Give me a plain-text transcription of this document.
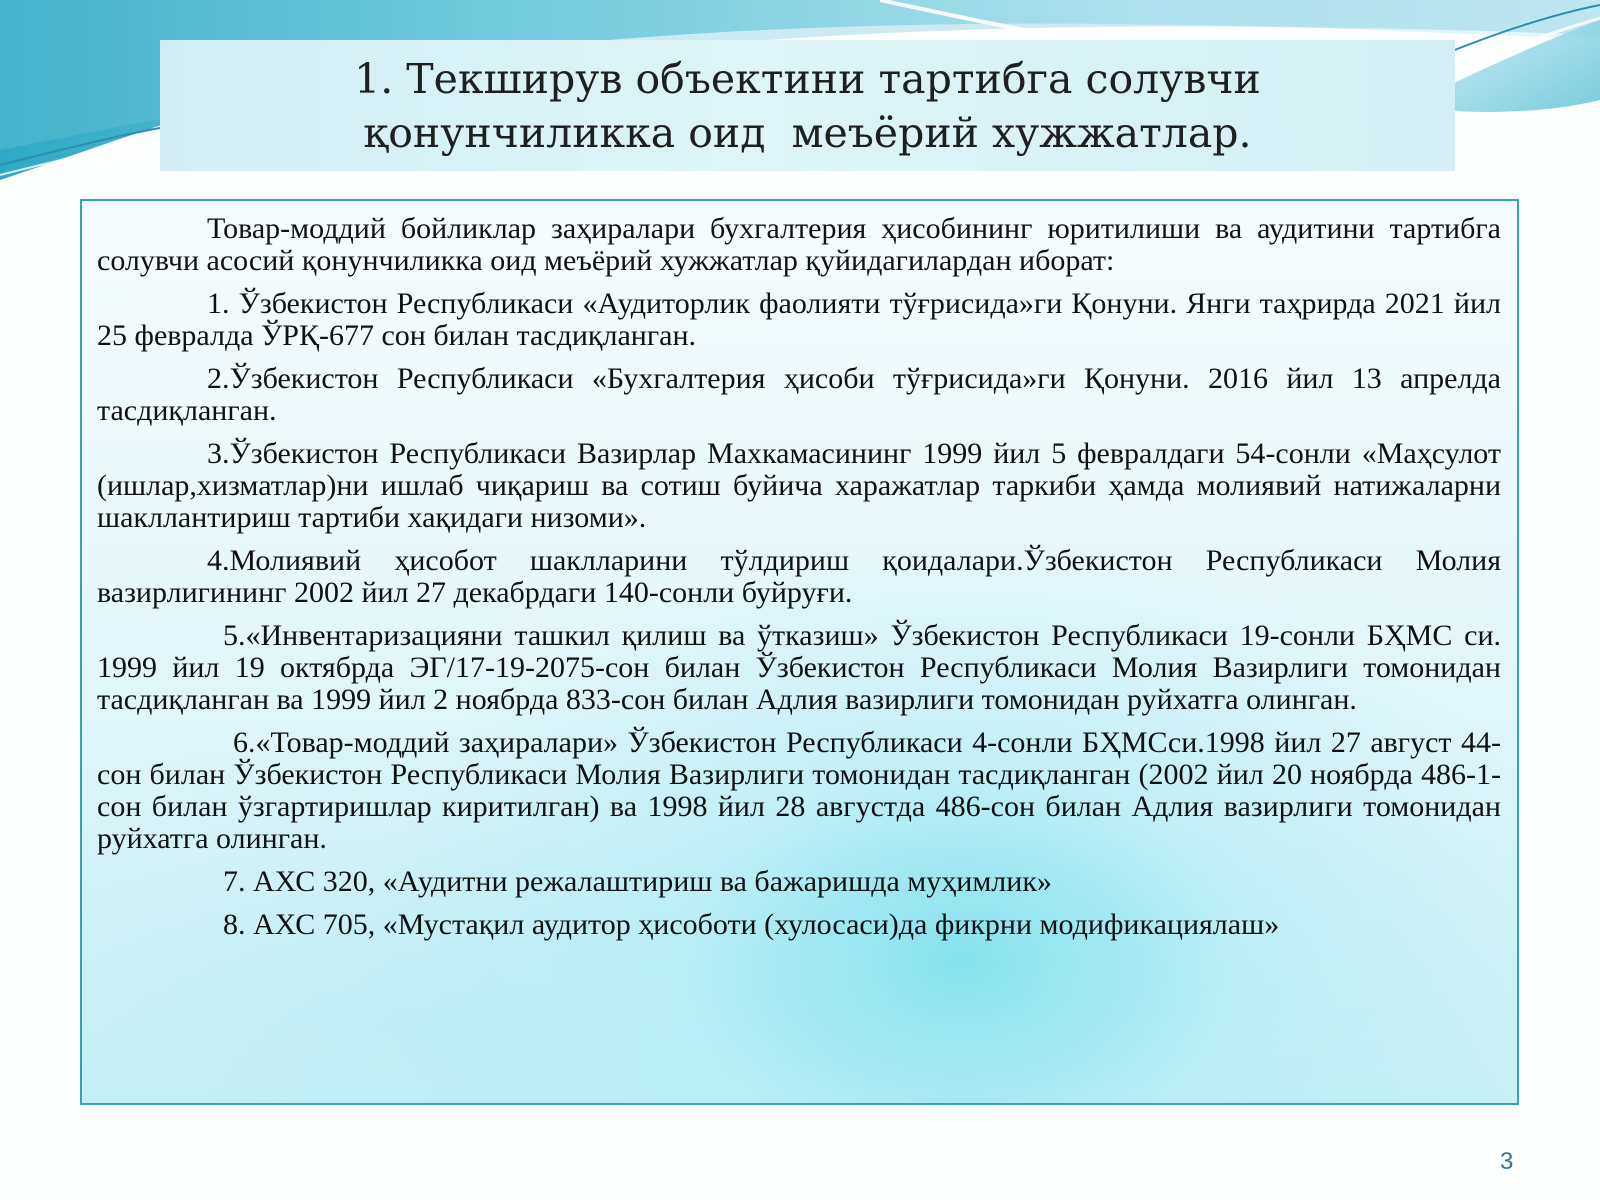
1. Текширув объектини тартибга солувчи
қонунчиликка оид  меъёрий хужжатлар.

Товар-моддий бойликлар заҳиралари бухгалтерия ҳисобининг юритилиши ва аудитини тартибга солувчи асосий қонунчиликка оид меъёрий хужжатлар қуйидагилардан иборат:

1. Ўзбекистон Республикаси «Аудиторлик фаолияти тўғрисида»ги Қонуни. Янги таҳрирда 2021 йил 25 февралда ЎРҚ-677 сон билан тасдиқланган.

2.Ўзбекистон Республикаси «Бухгалтерия ҳисоби тўғрисида»ги Қонуни. 2016 йил 13 апрелда тасдиқланган.

3.Ўзбекистон Республикаси Вазирлар Махкамасининг 1999 йил 5 февралдаги 54-сонли «Маҳсулот (ишлар,хизматлар)ни ишлаб чиқариш ва сотиш буйича харажатлар таркиби ҳамда молиявий натижаларни шакллантириш тартиби хақидаги низоми».

4.Молиявий ҳисобот шаклларини тўлдириш қоидалари.Ўзбекистон Республикаси Молия вазирлигининг 2002 йил 27 декабрдаги 140-сонли буйруғи.

5.«Инвентаризацияни ташкил қилиш ва ўтказиш» Ўзбекистон Республикаси 19-сонли БҲМС си. 1999 йил 19 октябрда ЭГ/17-19-2075-сон билан Ўзбекистон Республикаси Молия Вазирлиги томонидан тасдиқланган ва 1999 йил 2 ноябрда 833-сон билан Адлия вазирлиги томонидан руйхатга олинган.

6.«Товар-моддий заҳиралари» Ўзбекистон Республикаси 4-сонли БҲМСси.1998 йил 27 август 44-сон билан Ўзбекистон Республикаси Молия Вазирлиги томонидан тасдиқланган (2002 йил 20 ноябрда 486-1-сон билан ўзгартиришлар киритилган) ва 1998 йил 28 августда 486-сон билан Адлия вазирлиги томонидан руйхатга олинган.

7. АХС 320, «Аудитни режалаштириш ва бажаришда муҳимлик»

8. АХС 705, «Мустақил аудитор ҳисоботи (хулосаси)да фикрни модификациялаш»

3
